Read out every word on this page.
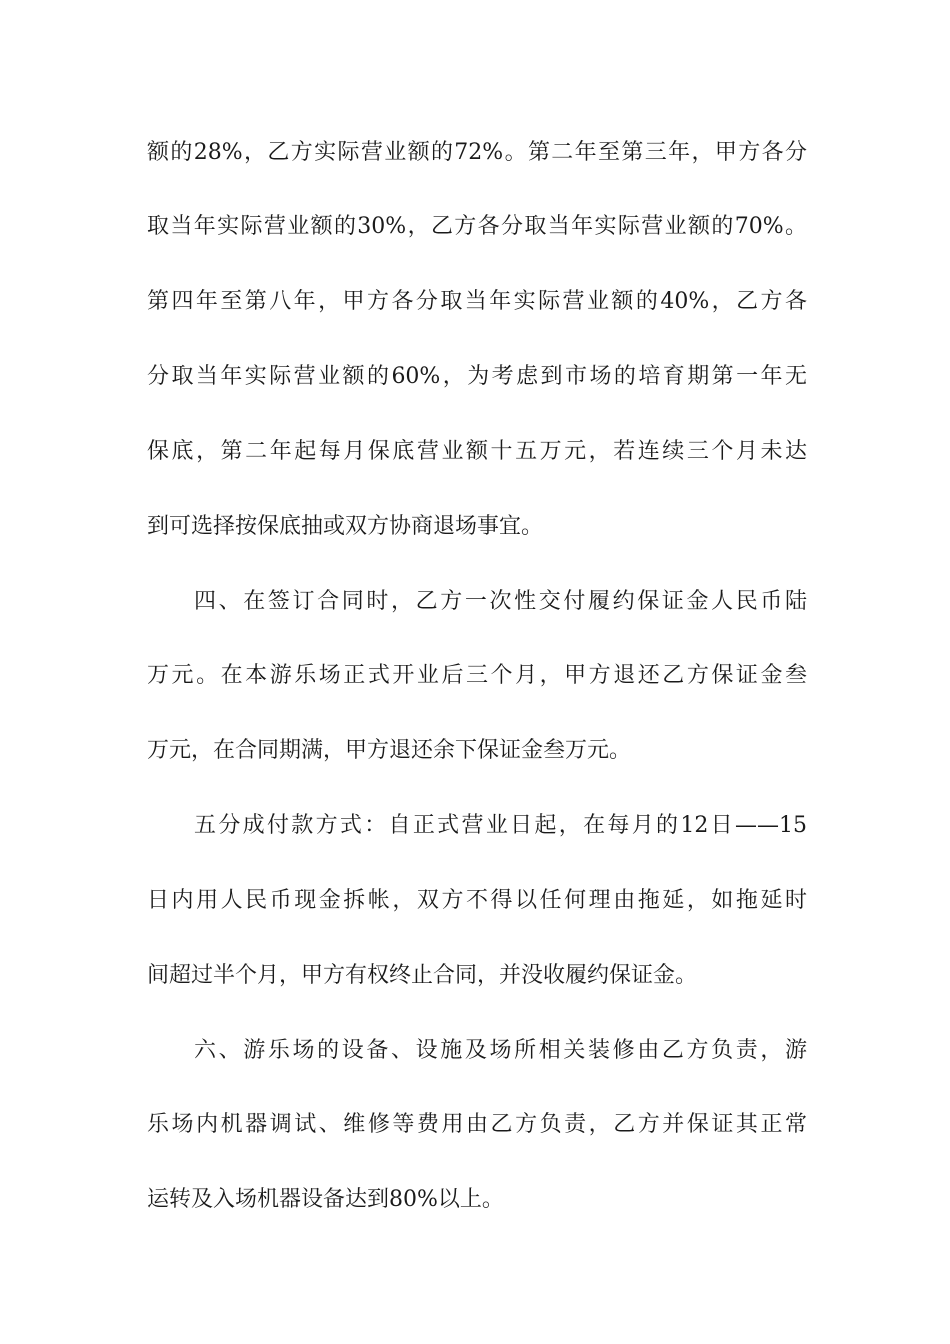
额的28%，乙方实际营业额的72%。第二年至第三年，甲方各分
取当年实际营业额的30%，乙方各分取当年实际营业额的70%。
第四年至第八年，甲方各分取当年实际营业额的40%，乙方各
分取当年实际营业额的60%，为考虑到市场的培育期第一年无
保底，第二年起每月保底营业额十五万元，若连续三个月未达
到可选择按保底抽或双方协商退场事宜。
四、在签订合同时，乙方一次性交付履约保证金人民币陆
万元。在本游乐场正式开业后三个月，甲方退还乙方保证金叁
万元，在合同期满，甲方退还余下保证金叁万元。
五分成付款方式：自正式营业日起，在每月的12日——15
日内用人民币现金拆帐，双方不得以任何理由拖延，如拖延时
间超过半个月，甲方有权终止合同，并没收履约保证金。
六、游乐场的设备、设施及场所相关装修由乙方负责，游
乐场内机器调试、维修等费用由乙方负责，乙方并保证其正常
运转及入场机器设备达到80%以上。
